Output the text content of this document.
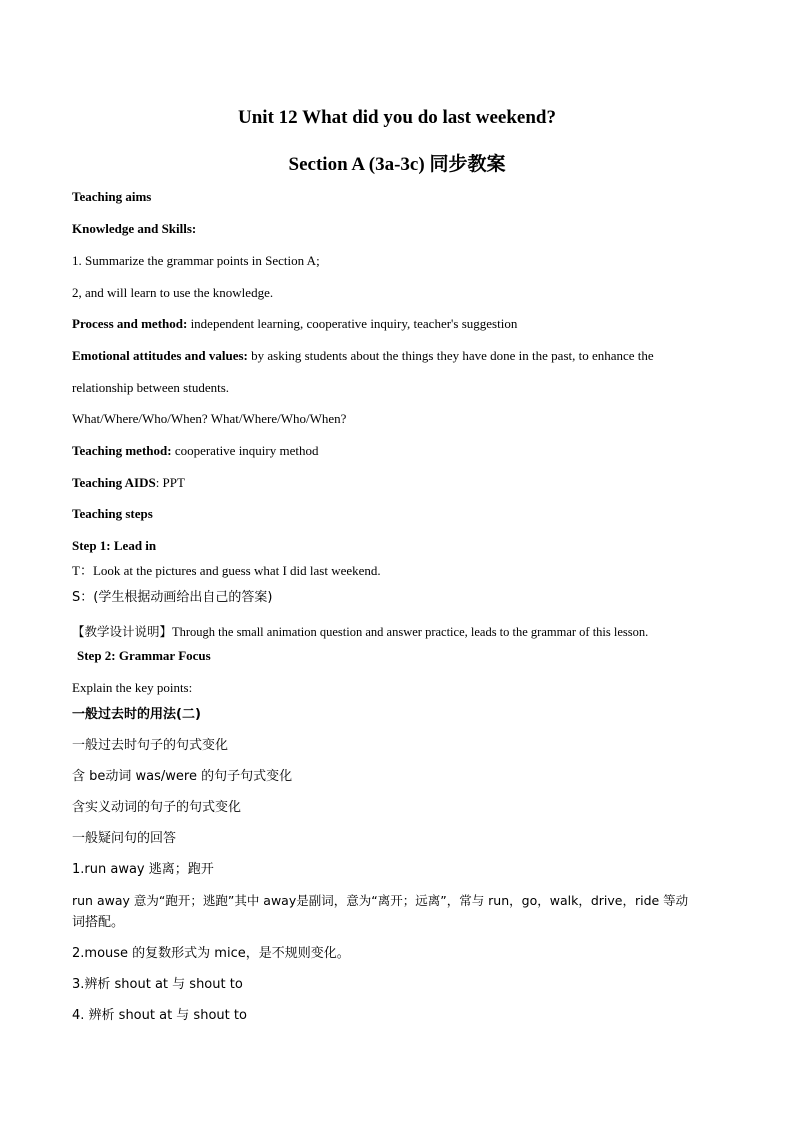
Unit 12 What did you do last weekend?
Section A (3a-3c) 同步教案
Teaching aims
Knowledge and Skills:
1. Summarize the grammar points in Section A;
2, and will learn to use the knowledge.
Process and method: independent learning, cooperative inquiry, teacher's suggestion
Emotional attitudes and values: by asking students about the things they have done in the past, to enhance the
relationship between students.
What/Where/Who/When? What/Where/Who/When?
Teaching method: cooperative inquiry method
Teaching AIDS: PPT
Teaching steps
Step 1: Lead in
T：Look at the pictures and guess what I did last weekend.
S：(学生根据动画给出自己的答案)
【教学设计说明】Through the small animation question and answer practice, leads to the grammar of this lesson.
Step 2: Grammar Focus
Explain the key points:
一般过去时的用法(二)
一般过去时句子的句式变化
含 be动词 was/were 的句子句式变化
含实义动词的句子的句式变化
一般疑问句的回答
1.run away 逃离；跑开
run away 意为“跑开；逃跑”其中 away是副词，意为“离开；远离”，常与 run，go，walk，drive，ride 等动
词搭配。
2.mouse 的复数形式为 mice，是不规则变化。
3.辨析 shout at 与 shout to
4. 辨析 shout at 与 shout to
